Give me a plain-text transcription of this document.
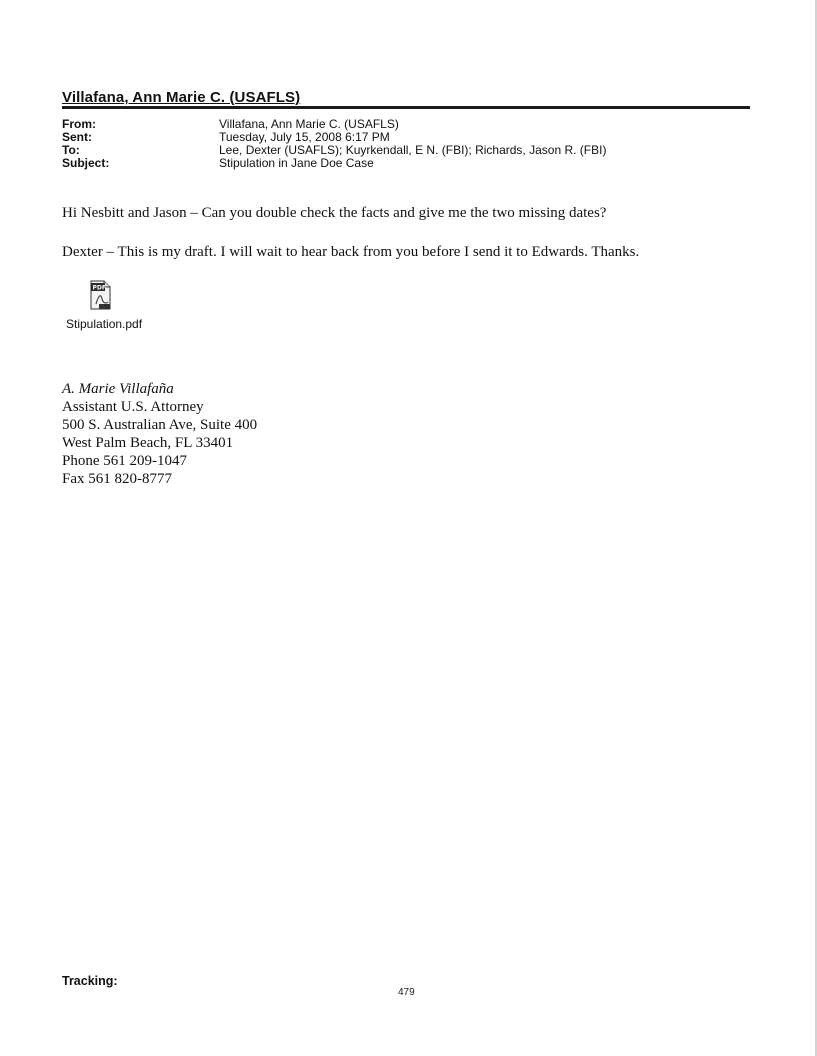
Villafana, Ann Marie C. (USAFLS)
From:	Villafana, Ann Marie C. (USAFLS)
Sent:	Tuesday, July 15, 2008 6:17 PM
To:	Lee, Dexter (USAFLS); Kuyrkendall, E N. (FBI); Richards, Jason R. (FBI)
Subject:	Stipulation in Jane Doe Case
Hi Nesbitt and Jason – Can you double check the facts and give me the two missing dates?
Dexter – This is my draft. I will wait to hear back from you before I send it to Edwards. Thanks.
PDF
Stipulation.pdf
A. Marie Villafaña
Assistant U.S. Attorney
500 S. Australian Ave, Suite 400
West Palm Beach, FL 33401
Phone 561 209-1047
Fax 561 820-8777
Tracking:
479
